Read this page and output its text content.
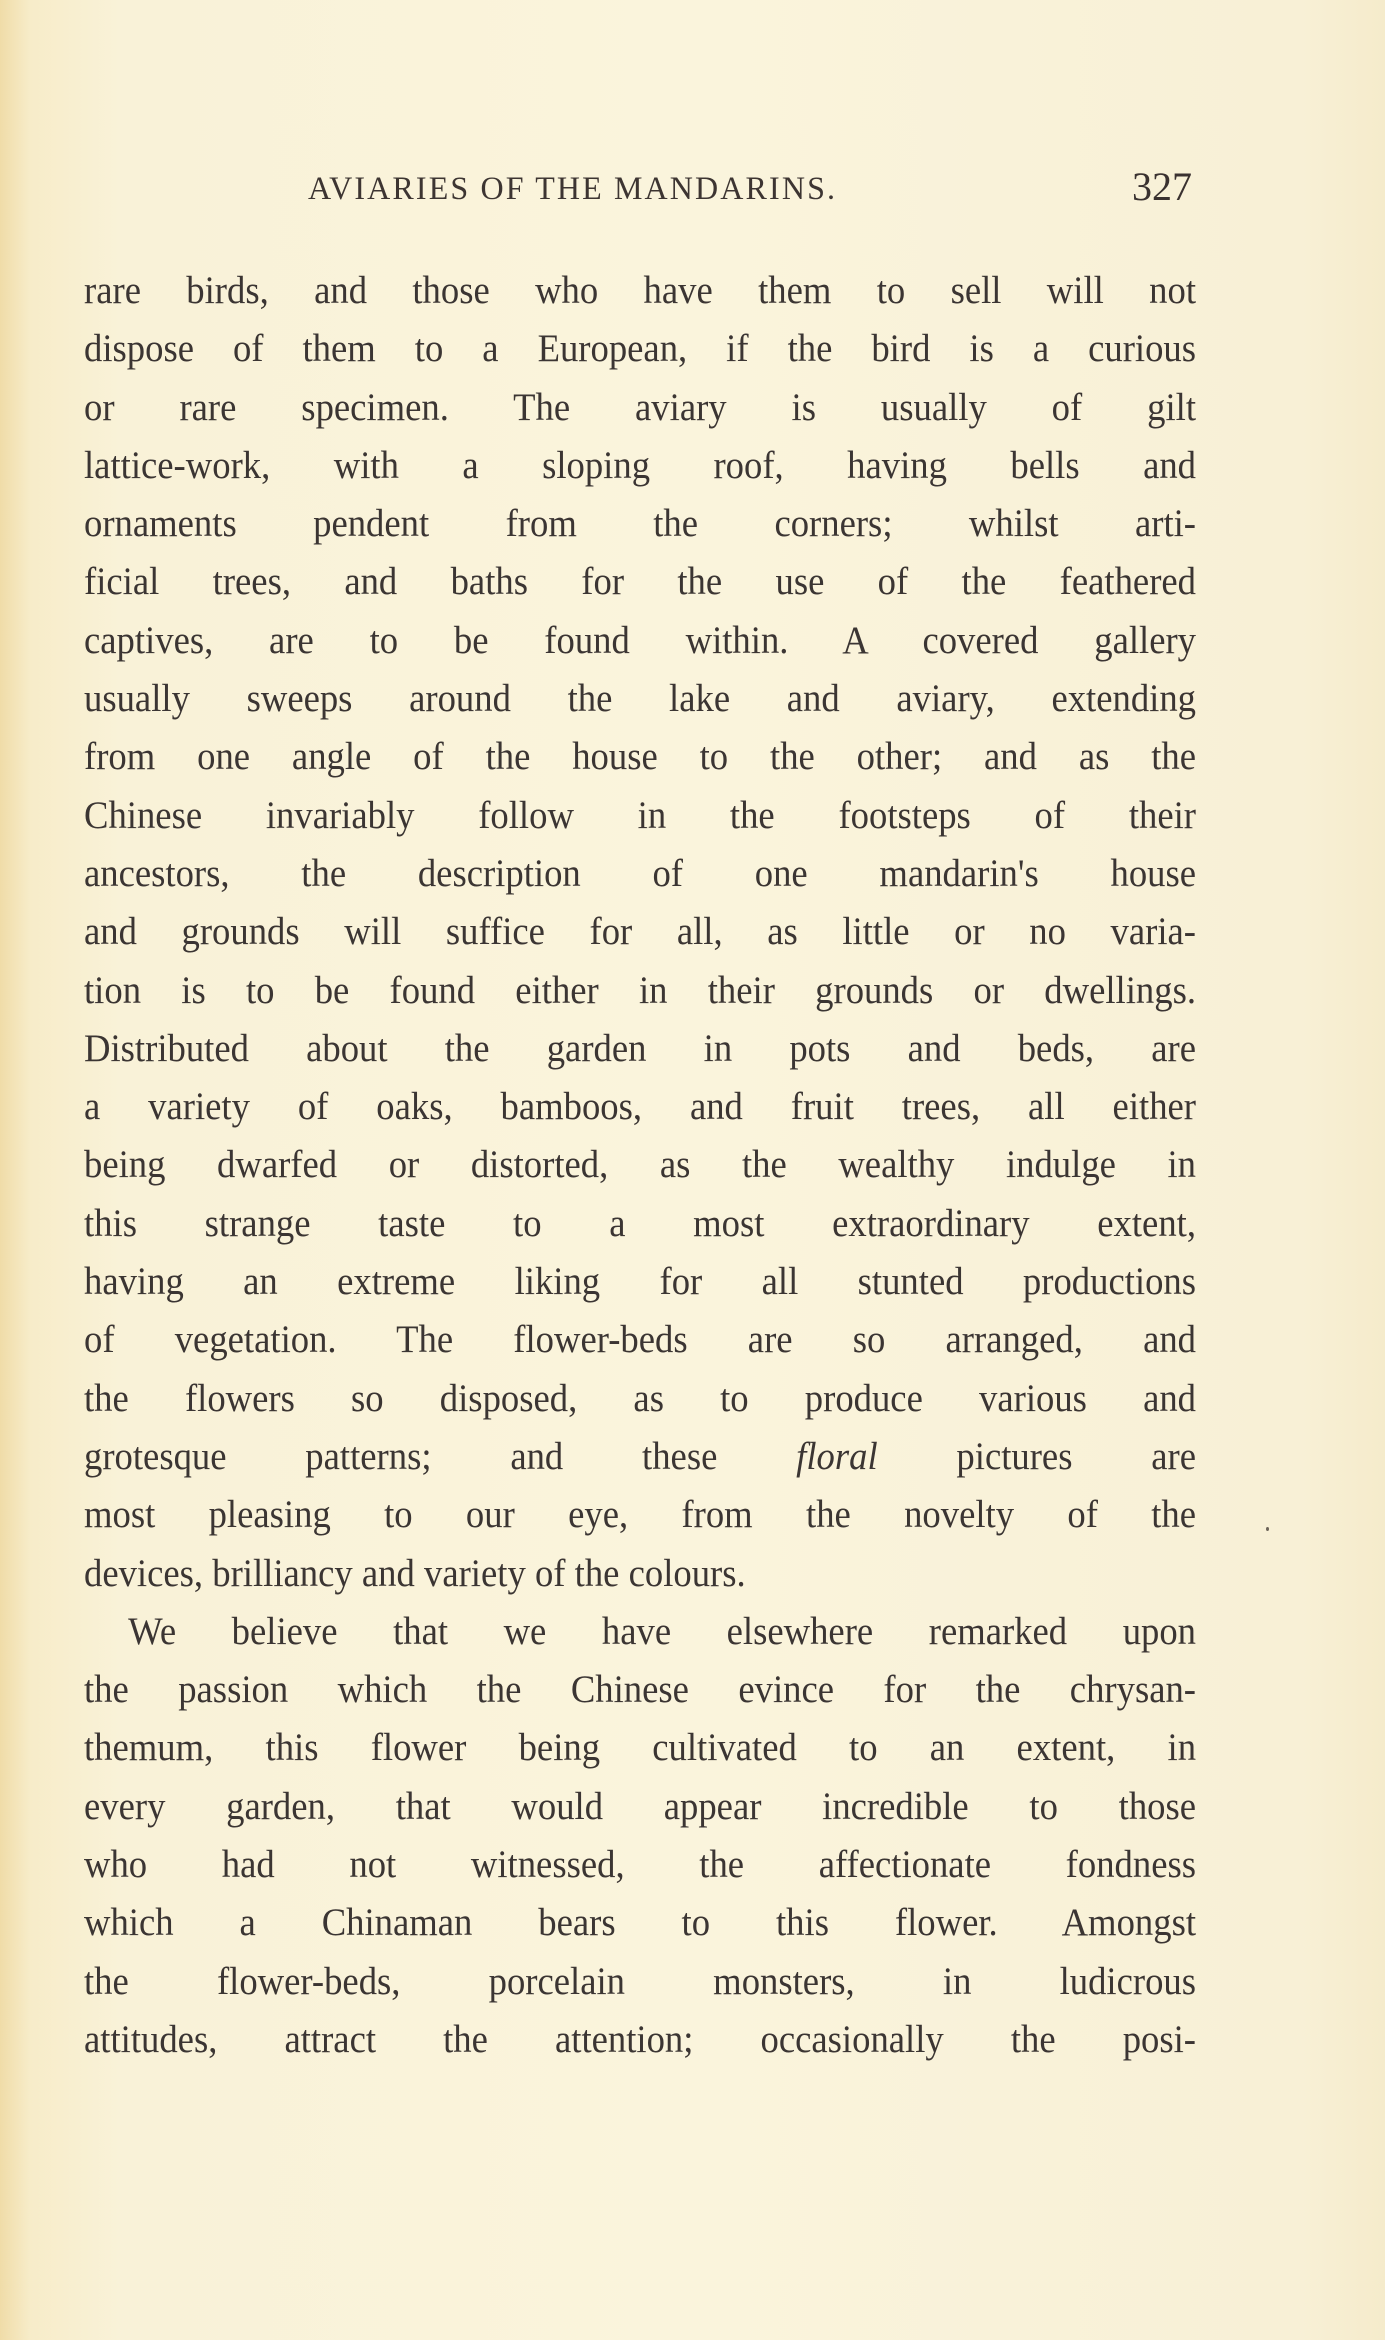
AVIARIES OF THE MANDARINS.	327
rare birds, and those who have them to sell will not
dispose of them to a European, if the bird is a curious
or rare specimen. The aviary is usually of gilt
lattice-work, with a sloping roof, having bells and
ornaments pendent from the corners; whilst arti-
ficial trees, and baths for the use of the feathered
captives, are to be found within. A covered gallery
usually sweeps around the lake and aviary, extending
from one angle of the house to the other; and as the
Chinese invariably follow in the footsteps of their
ancestors, the description of one mandarin's house
and grounds will suffice for all, as little or no varia-
tion is to be found either in their grounds or dwellings.
Distributed about the garden in pots and beds, are
a variety of oaks, bamboos, and fruit trees, all either
being dwarfed or distorted, as the wealthy indulge in
this strange taste to a most extraordinary extent,
having an extreme liking for all stunted productions
of vegetation. The flower-beds are so arranged, and
the flowers so disposed, as to produce various and
grotesque patterns; and these floral pictures are
most pleasing to our eye, from the novelty of the
devices, brilliancy and variety of the colours.
We believe that we have elsewhere remarked upon
the passion which the Chinese evince for the chrysan-
themum, this flower being cultivated to an extent, in
every garden, that would appear incredible to those
who had not witnessed, the affectionate fondness
which a Chinaman bears to this flower. Amongst
the flower-beds, porcelain monsters, in ludicrous
attitudes, attract the attention; occasionally the posi-
